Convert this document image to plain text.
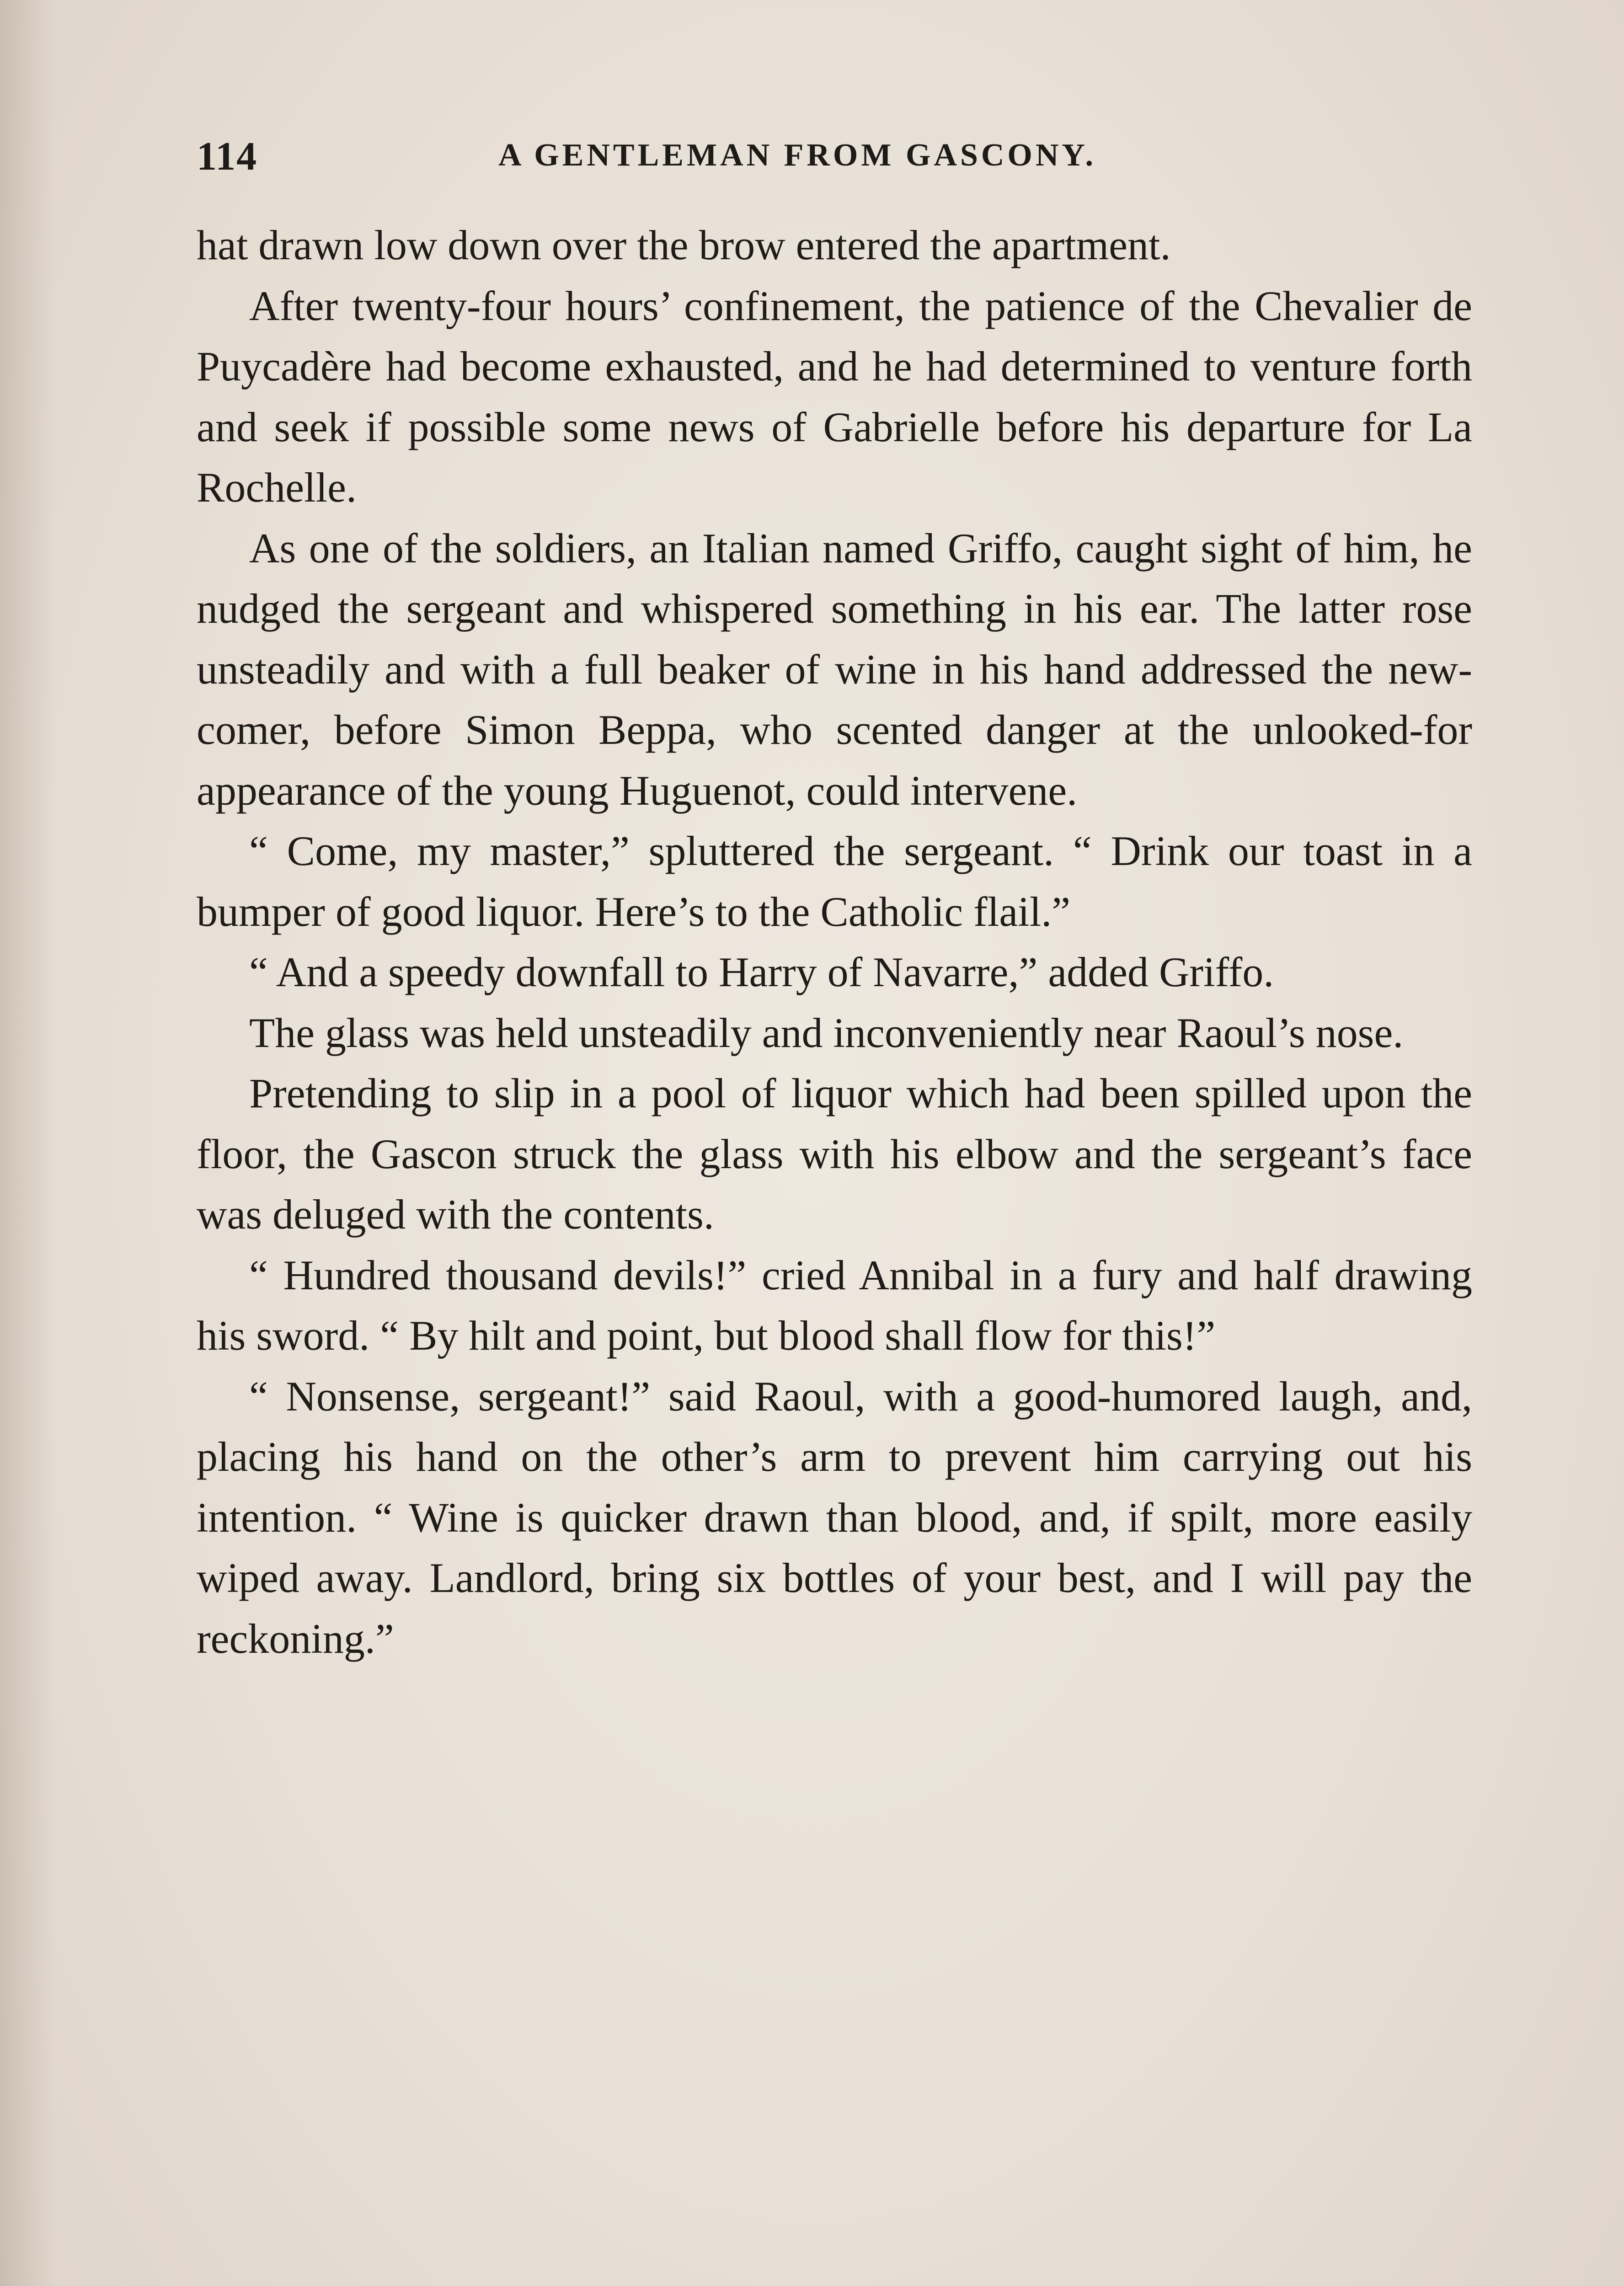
114	A GENTLEMAN FROM GASCONY.

hat drawn low down over the brow entered the apartment.

After twenty-four hours’ confinement, the patience of the Chevalier de Puycadère had become exhausted, and he had determined to venture forth and seek if possible some news of Gabrielle before his departure for La Rochelle.

As one of the soldiers, an Italian named Griffo, caught sight of him, he nudged the sergeant and whispered something in his ear. The latter rose unsteadily and with a full beaker of wine in his hand addressed the new-comer, before Simon Beppa, who scented danger at the unlooked-for appearance of the young Huguenot, could intervene.

“ Come, my master,” spluttered the sergeant. “ Drink our toast in a bumper of good liquor. Here’s to the Catholic flail.”

“ And a speedy downfall to Harry of Navarre,” added Griffo.

The glass was held unsteadily and inconveniently near Raoul’s nose.

Pretending to slip in a pool of liquor which had been spilled upon the floor, the Gascon struck the glass with his elbow and the sergeant’s face was deluged with the contents.

“ Hundred thousand devils!” cried Annibal in a fury and half drawing his sword. “ By hilt and point, but blood shall flow for this!”

“ Nonsense, sergeant!” said Raoul, with a good-humored laugh, and, placing his hand on the other’s arm to prevent him carrying out his intention. “ Wine is quicker drawn than blood, and, if spilt, more easily wiped away. Landlord, bring six bottles of your best, and I will pay the reckoning.”
